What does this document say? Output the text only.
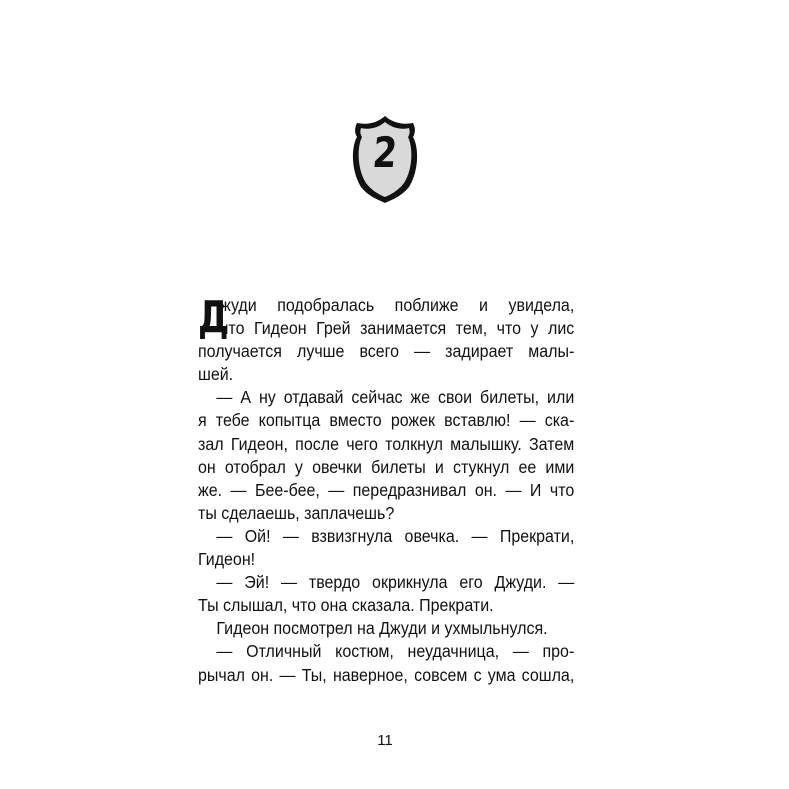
2
Д
жуди подобралась поближе и увидела,
что Гидеон Грей занимается тем, что у лис
получается лучше всего — задирает малы-
шей.
— А ну отдавай сейчас же свои билеты, или
я тебе копытца вместо рожек вставлю! — ска-
зал Гидеон, после чего толкнул малышку. Затем
он отобрал у овечки билеты и стукнул ее ими
же. — Бее-бее, — передразнивал он. — И что
ты сделаешь, заплачешь?
— Ой! — взвизгнула овечка. — Прекрати,
Гидеон!
— Эй! — твердо окрикнула его Джуди. —
Ты слышал, что она сказала. Прекрати.
Гидеон посмотрел на Джуди и ухмыльнулся.
— Отличный костюм, неудачница, — про-
рычал он. — Ты, наверное, совсем с ума сошла,
11
